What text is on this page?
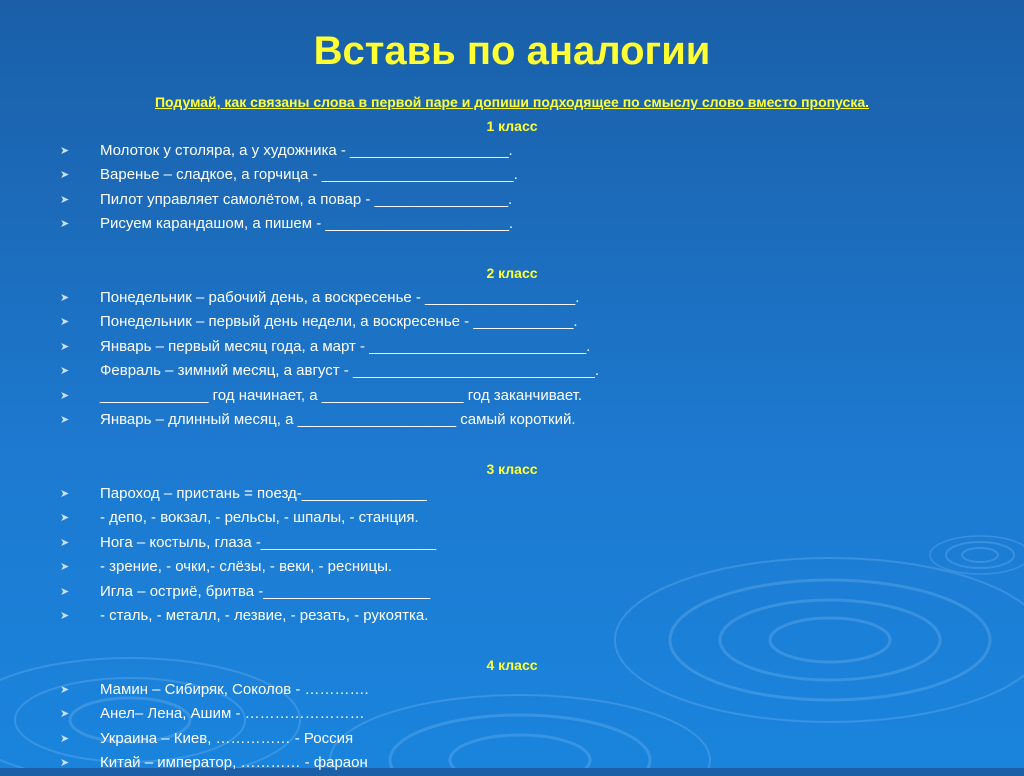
Вставь по аналогии
Подумай, как связаны слова в первой паре и допиши подходящее по смыслу слово вместо пропуска.
1 класс
➤ Молоток у столяра, а у художника - ___________________.
➤ Варенье – сладкое, а горчица - _______________________.
➤ Пилот управляет самолётом, а повар - ________________.
➤ Рисуем карандашом, а пишем - ______________________.
2 класс
➤ Понедельник – рабочий день, а воскресенье - __________________.
➤ Понедельник – первый день недели, а воскресенье - ____________.
➤ Январь – первый месяц года, а март - __________________________.
➤ Февраль – зимний месяц, а август - _____________________________.
➤ _____________ год начинает, а _________________ год заканчивает.
➤ Январь – длинный месяц, а ___________________ самый короткий.
3 класс
➤ Пароход – пристань = поезд-_______________
➤ - депо, - вокзал, - рельсы, - шпалы, - станция.
➤ Нога – костыль, глаза -_____________________
➤ - зрение, - очки,- слёзы, - веки, - ресницы.
➤ Игла – остриё, бритва -____________________
➤ - сталь, - металл, - лезвие, - резать, - рукоятка.
4 класс
➤ Мамин – Сибиряк, Соколов - ………….
➤ Анел– Лена, Ашим - ……………………
➤ Украина – Киев, …………… - Россия
➤ Китай – император, ………… - фараон
